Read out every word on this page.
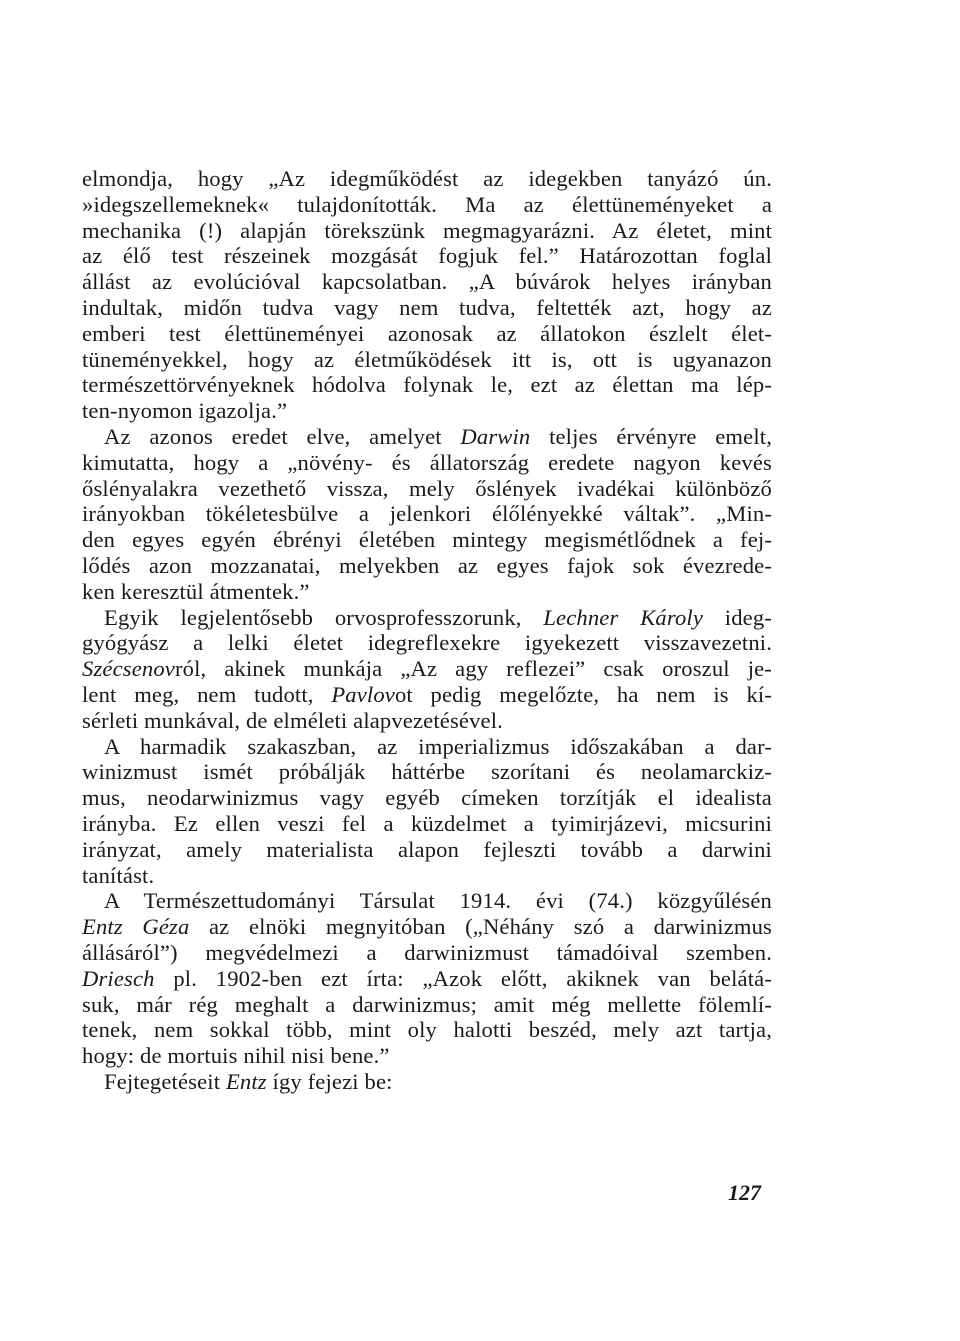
elmondja, hogy „Az idegműködést az idegekben tanyázó ún.
»idegszellemeknek« tulajdonították. Ma az élettüneményeket a
mechanika (!) alapján törekszünk megmagyarázni. Az életet, mint
az élő test részeinek mozgását fogjuk fel.” Határozottan foglal
állást az evolúcióval kapcsolatban. „A búvárok helyes irányban
indultak, midőn tudva vagy nem tudva, feltették azt, hogy az
emberi test élettüneményei azonosak az állatokon észlelt élet-
tüneményekkel, hogy az életműködések itt is, ott is ugyanazon
természettörvényeknek hódolva folynak le, ezt az élettan ma lép-
ten-nyomon igazolja.”
Az azonos eredet elve, amelyet Darwin teljes érvényre emelt,
kimutatta, hogy a „növény- és állatország eredete nagyon kevés
őslényalakra vezethető vissza, mely őslények ivadékai különböző
irányokban tökéletesbülve a jelenkori élőlényekké váltak”. „Min-
den egyes egyén ébrényi életében mintegy megismétlődnek a fej-
lődés azon mozzanatai, melyekben az egyes fajok sok évezrede-
ken keresztül átmentek.”
Egyik legjelentősebb orvosprofesszorunk, Lechner Károly ideg-
gyógyász a lelki életet idegreflexekre igyekezett visszavezetni.
Szécsenovról, akinek munkája „Az agy reflezei” csak oroszul je-
lent meg, nem tudott, Pavlovot pedig megelőzte, ha nem is kí-
sérleti munkával, de elméleti alapvezetésével.
A harmadik szakaszban, az imperializmus időszakában a dar-
winizmust ismét próbálják háttérbe szorítani és neolamarckiz-
mus, neodarwinizmus vagy egyéb címeken torzítják el idealista
irányba. Ez ellen veszi fel a küzdelmet a tyimirjázevi, micsurini
irányzat, amely materialista alapon fejleszti tovább a darwini
tanítást.
A Természettudományi Társulat 1914. évi (74.) közgyűlésén
Entz Géza az elnöki megnyitóban („Néhány szó a darwinizmus
állásáról”) megvédelmezi a darwinizmust támadóival szemben.
Driesch pl. 1902-ben ezt írta: „Azok előtt, akiknek van belátá-
suk, már rég meghalt a darwinizmus; amit még mellette fölemlí-
tenek, nem sokkal több, mint oly halotti beszéd, mely azt tartja,
hogy: de mortuis nihil nisi bene.”
Fejtegetéseit Entz így fejezi be:
127
